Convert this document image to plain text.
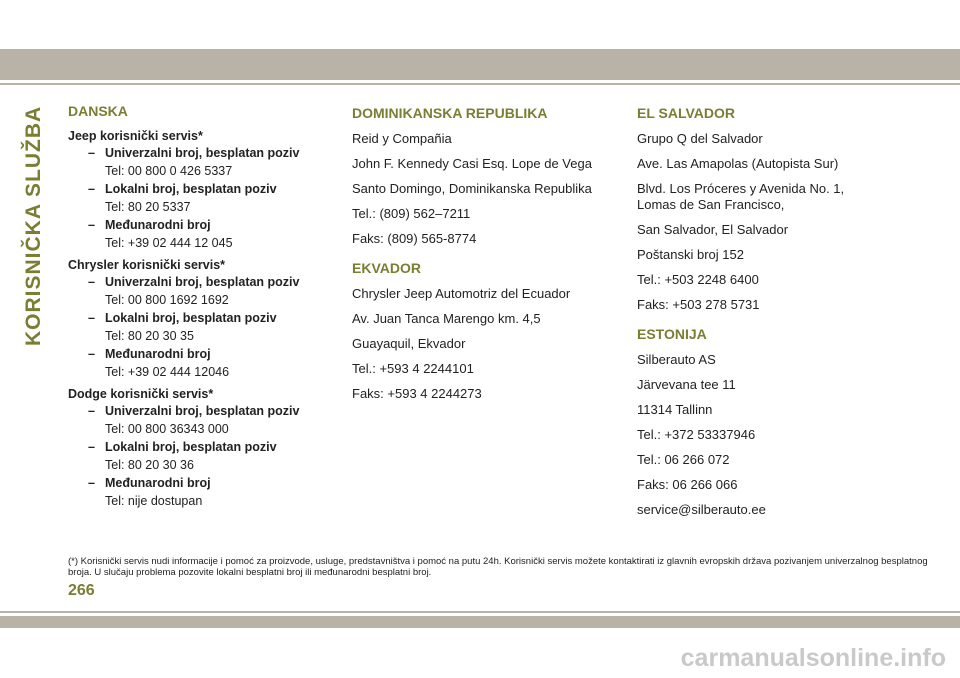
KORISNIČKA SLUŽBA DANSKA
Jeep korisnički servis*
– Univerzalni broj, besplatan poziv
Tel: 00 800 0 426 5337
– Lokalni broj, besplatan poziv
Tel: 80 20 5337
– Međunarodni broj
Tel: +39 02 444 12 045
Chrysler korisnički servis*
– Univerzalni broj, besplatan poziv
Tel: 00 800 1692 1692
– Lokalni broj, besplatan poziv
Tel: 80 20 30 35
– Međunarodni broj
Tel: +39 02 444 12046
Dodge korisnički servis*
– Univerzalni broj, besplatan poziv
Tel: 00 800 36343 000
– Lokalni broj, besplatan poziv
Tel: 80 20 30 36
– Međunarodni broj
Tel: nije dostupan
DOMINIKANSKA REPUBLIKA
Reid y Compañia
John F. Kennedy Casi Esq. Lope de Vega
Santo Domingo, Dominikanska Republika
Tel.: (809) 562–7211
Faks: (809) 565-8774
EKVADOR
Chrysler Jeep Automotriz del Ecuador
Av. Juan Tanca Marengo km. 4,5
Guayaquil, Ekvador
Tel.: +593 4 2244101
Faks: +593 4 2244273
EL SALVADOR
Grupo Q del Salvador
Ave. Las Amapolas (Autopista Sur)
Blvd. Los Próceres y Avenida No. 1, Lomas de San Francisco,
San Salvador, El Salvador
Poštanski broj 152
Tel.: +503 2248 6400
Faks: +503 278 5731
ESTONIJA
Silberauto AS
Järvevana tee 11
11314 Tallinn
Tel.: +372 53337946
Tel.: 06 266 072
Faks: 06 266 066
service@silberauto.ee
(*) Korisnički servis nudi informacije i pomoć za proizvode, usluge, predstavništva i pomoć na putu 24h. Korisnički servis možete kontaktirati iz glavnih evropskih država pozivanjem univerzalnog besplatnog broja. U slučaju problema pozovite lokalni besplatni broj ili međunarodni besplatni broj.
266
carmanualsonline.info
